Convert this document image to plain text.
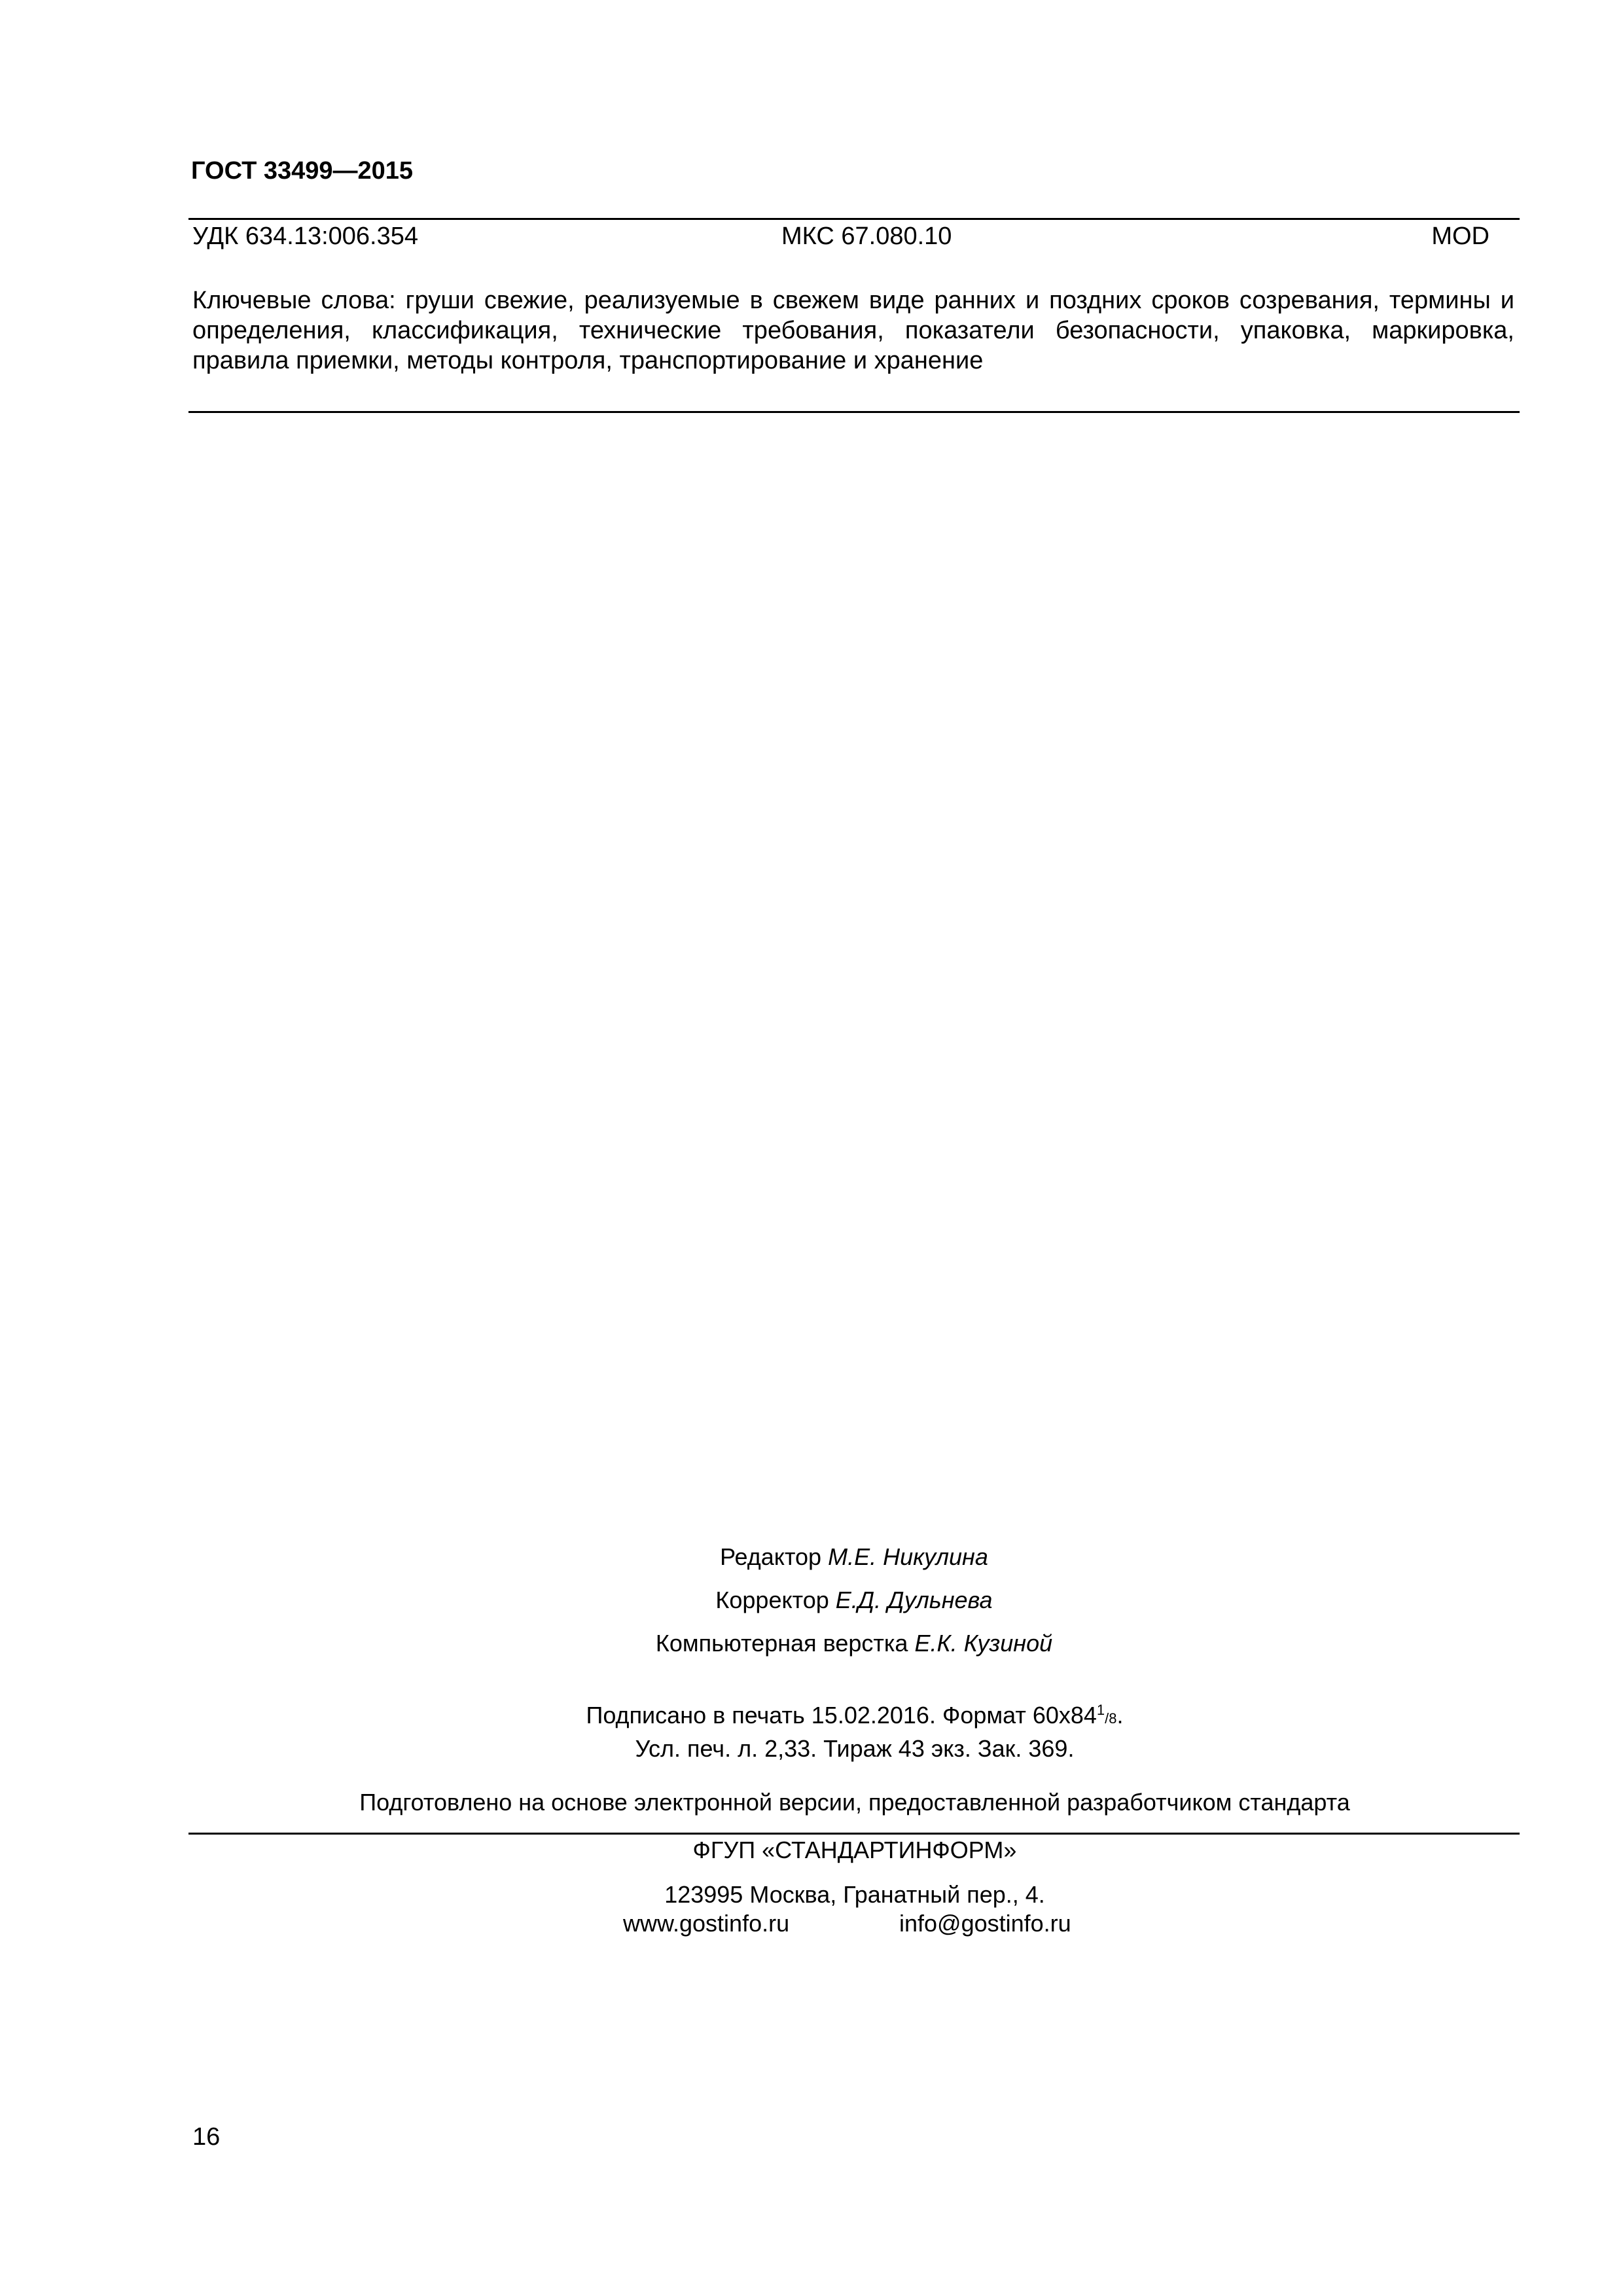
ГОСТ 33499—2015
УДК 634.13:006.354	МКС 67.080.10	MOD
Ключевые слова: груши свежие, реализуемые в свежем виде ранних и поздних сроков созревания, термины и определения, классификация, технические требования, показатели безопасности, упаковка, маркировка, правила приемки, методы контроля, транспортирование и хранение
Редактор М.Е. Никулина
Корректор Е.Д. Дульнева
Компьютерная верстка Е.К. Кузиной
Подписано в печать 15.02.2016. Формат $60x84^1/8$.
Усл. печ. л. 2,33. Тираж 43 экз. Зак. 369.
Подготовлено на основе электронной версии, предоставленной разработчиком стандарта
ФГУП «СТАНДАРТИНФОРМ»
123995 Москва, Гранатный пер., 4.
www.gostinfo.ru	info@gostinfo.ru
16
